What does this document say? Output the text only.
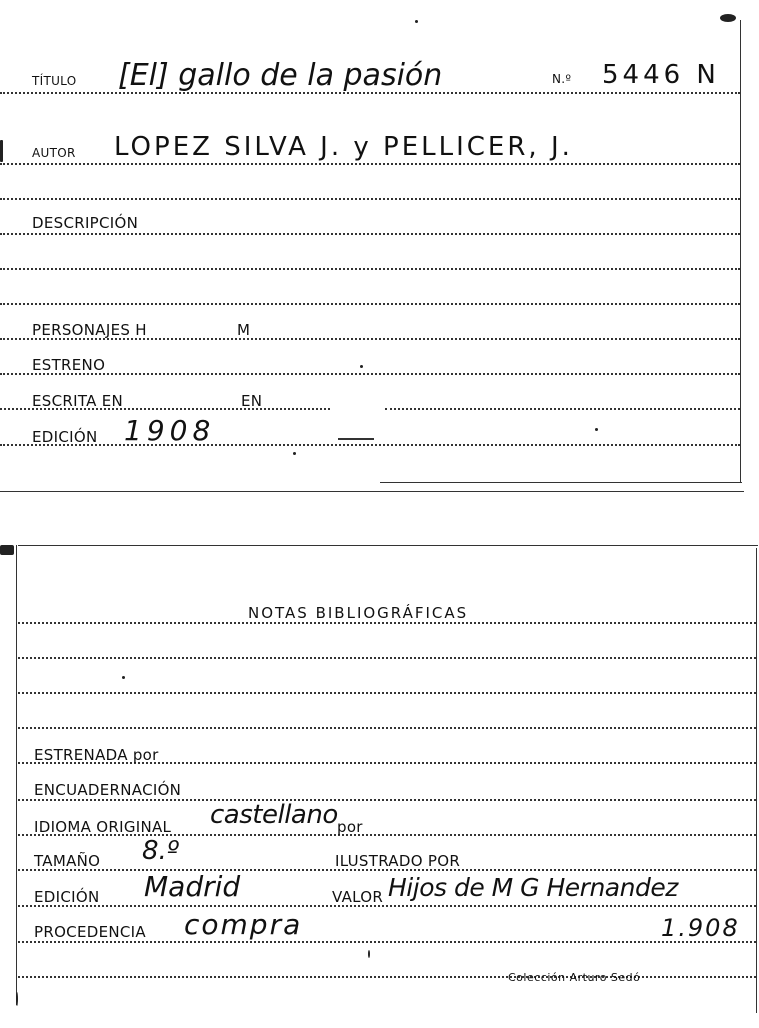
TÍTULO [El] gallo de la pasión	N.º 5446 N
AUTOR LOPEZ SILVA J. y PELLICER, J.
DESCRIPCIÓN
PERSONAJES H	M
ESTRENO
ESCRITA EN	EN
EDICIÓN 1908
NOTAS BIBLIOGRÁFICAS
ESTRENADA por
ENCUADERNACIÓN
IDIOMA ORIGINAL castellano por
TAMAÑO 8.º	ILUSTRADO POR
EDICIÓN Madrid	VALOR Hijos de M G Hernandez
PROCEDENCIA compra	1.908
Colección Arturo Sedó
